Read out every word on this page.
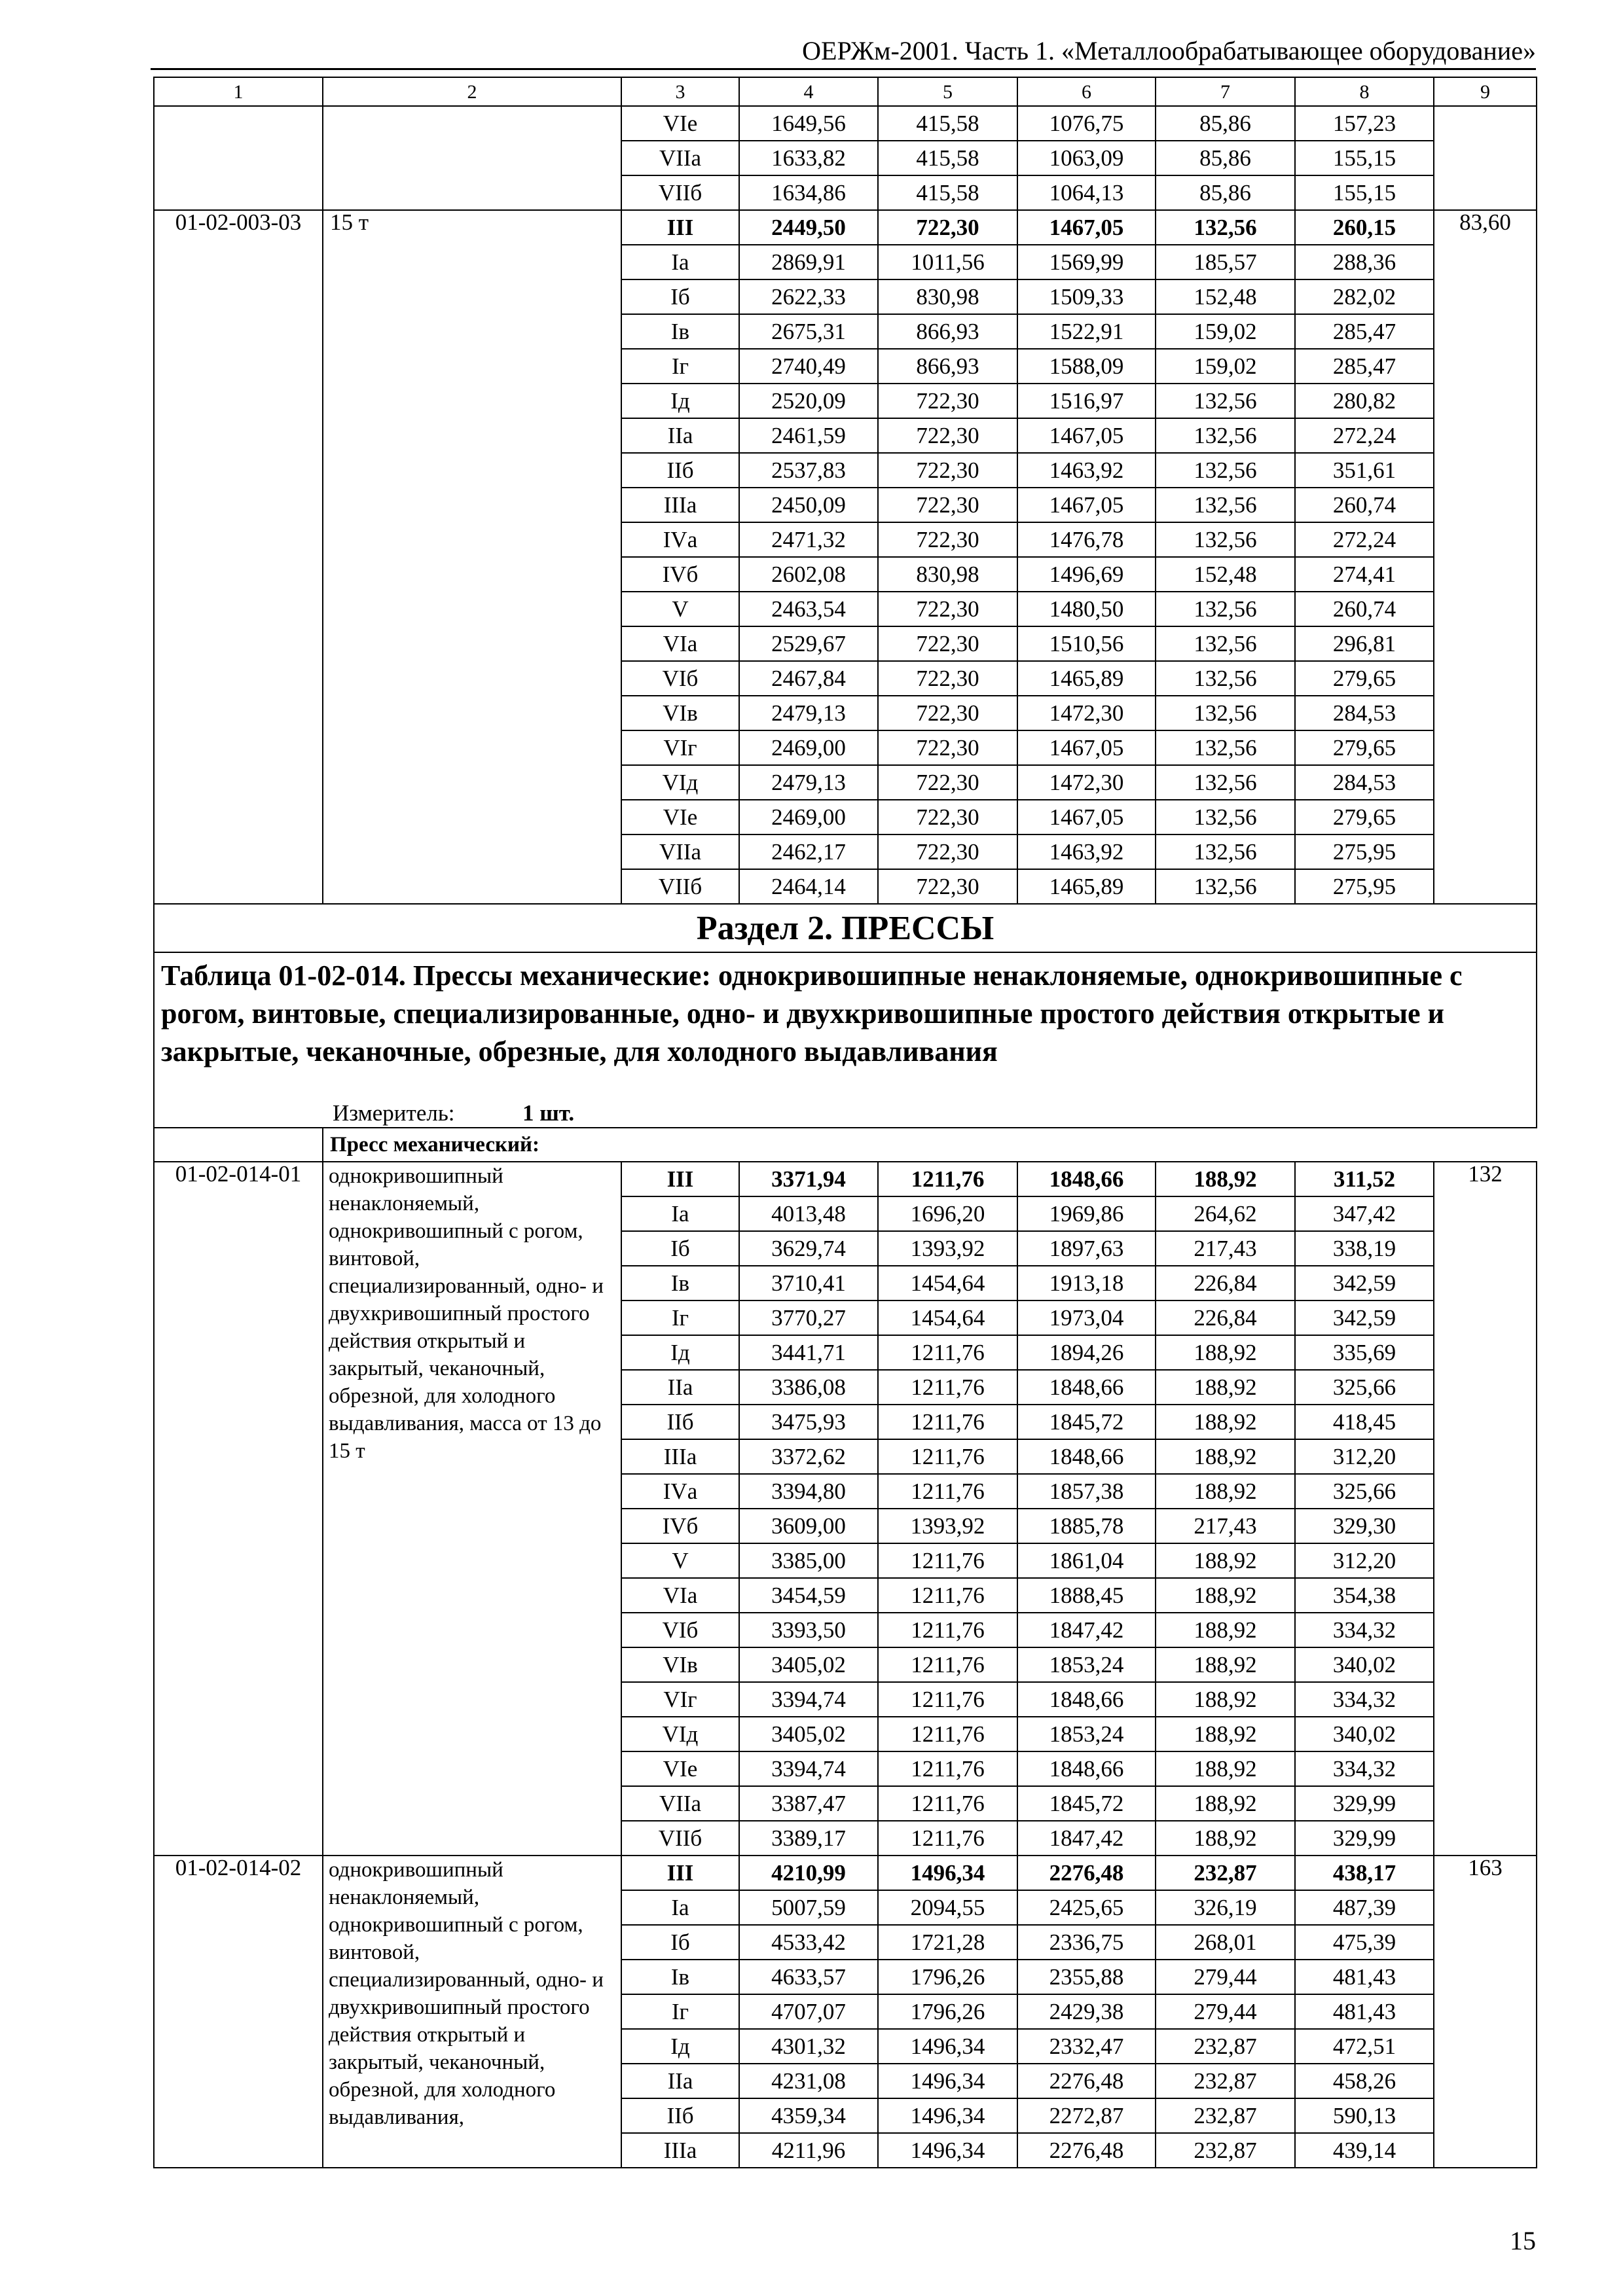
ОЕРЖм-2001. Часть 1. «Металлообрабатывающее оборудование»
1	2	3	4	5	6	7	8	9
		VIе	1649,56	415,58	1076,75	85,86	157,23	
		VIIа	1633,82	415,58	1063,09	85,86	155,15	
		VIIб	1634,86	415,58	1064,13	85,86	155,15	
01-02-003-03	15 т	III	2449,50	722,30	1467,05	132,56	260,15	83,60
		Iа	2869,91	1011,56	1569,99	185,57	288,36	
		Iб	2622,33	830,98	1509,33	152,48	282,02	
		Iв	2675,31	866,93	1522,91	159,02	285,47	
		Iг	2740,49	866,93	1588,09	159,02	285,47	
		Iд	2520,09	722,30	1516,97	132,56	280,82	
		IIа	2461,59	722,30	1467,05	132,56	272,24	
		IIб	2537,83	722,30	1463,92	132,56	351,61	
		IIIа	2450,09	722,30	1467,05	132,56	260,74	
		IVа	2471,32	722,30	1476,78	132,56	272,24	
		IVб	2602,08	830,98	1496,69	152,48	274,41	
		V	2463,54	722,30	1480,50	132,56	260,74	
		VIа	2529,67	722,30	1510,56	132,56	296,81	
		VIб	2467,84	722,30	1465,89	132,56	279,65	
		VIв	2479,13	722,30	1472,30	132,56	284,53	
		VIг	2469,00	722,30	1467,05	132,56	279,65	
		VIд	2479,13	722,30	1472,30	132,56	284,53	
		VIе	2469,00	722,30	1467,05	132,56	279,65	
		VIIа	2462,17	722,30	1463,92	132,56	275,95	
		VIIб	2464,14	722,30	1465,89	132,56	275,95	
Раздел 2. ПРЕССЫ								
Таблица 01-02-014. Прессы механические: однокривошипные ненаклоняемые, однокривошипные с рогом, винтовые, специализированные, одно- и двухкривошипные простого действия открытые и закрытые, чеканочные, обрезные, для холодного выдавливания								
Измеритель: 1 шт.								
	Пресс механический:							
01-02-014-01	однокривошипный ненаклоняемый, однокривошипный с рогом, винтовой, специализированный, одно- и двухкривошипный простого действия открытый и закрытый, чеканочный, обрезной, для холодного выдавливания, масса от 13 до 15 т	III	3371,94	1211,76	1848,66	188,92	311,52	132
		Iа	4013,48	1696,20	1969,86	264,62	347,42	
		Iб	3629,74	1393,92	1897,63	217,43	338,19	
		Iв	3710,41	1454,64	1913,18	226,84	342,59	
		Iг	3770,27	1454,64	1973,04	226,84	342,59	
		Iд	3441,71	1211,76	1894,26	188,92	335,69	
		IIа	3386,08	1211,76	1848,66	188,92	325,66	
		IIб	3475,93	1211,76	1845,72	188,92	418,45	
		IIIа	3372,62	1211,76	1848,66	188,92	312,20	
		IVа	3394,80	1211,76	1857,38	188,92	325,66	
		IVб	3609,00	1393,92	1885,78	217,43	329,30	
		V	3385,00	1211,76	1861,04	188,92	312,20	
		VIа	3454,59	1211,76	1888,45	188,92	354,38	
		VIб	3393,50	1211,76	1847,42	188,92	334,32	
		VIв	3405,02	1211,76	1853,24	188,92	340,02	
		VIг	3394,74	1211,76	1848,66	188,92	334,32	
		VIд	3405,02	1211,76	1853,24	188,92	340,02	
		VIе	3394,74	1211,76	1848,66	188,92	334,32	
		VIIа	3387,47	1211,76	1845,72	188,92	329,99	
		VIIб	3389,17	1211,76	1847,42	188,92	329,99	
01-02-014-02	однокривошипный ненаклоняемый, однокривошипный с рогом, винтовой, специализированный, одно- и двухкривошипный простого действия открытый и закрытый, чеканочный, обрезной, для холодного выдавливания,	III	4210,99	1496,34	2276,48	232,87	438,17	163
		Iа	5007,59	2094,55	2425,65	326,19	487,39	
		Iб	4533,42	1721,28	2336,75	268,01	475,39	
		Iв	4633,57	1796,26	2355,88	279,44	481,43	
		Iг	4707,07	1796,26	2429,38	279,44	481,43	
		Iд	4301,32	1496,34	2332,47	232,87	472,51	
		IIа	4231,08	1496,34	2276,48	232,87	458,26	
		IIб	4359,34	1496,34	2272,87	232,87	590,13	
		IIIа	4211,96	1496,34	2276,48	232,87	439,14	
15
